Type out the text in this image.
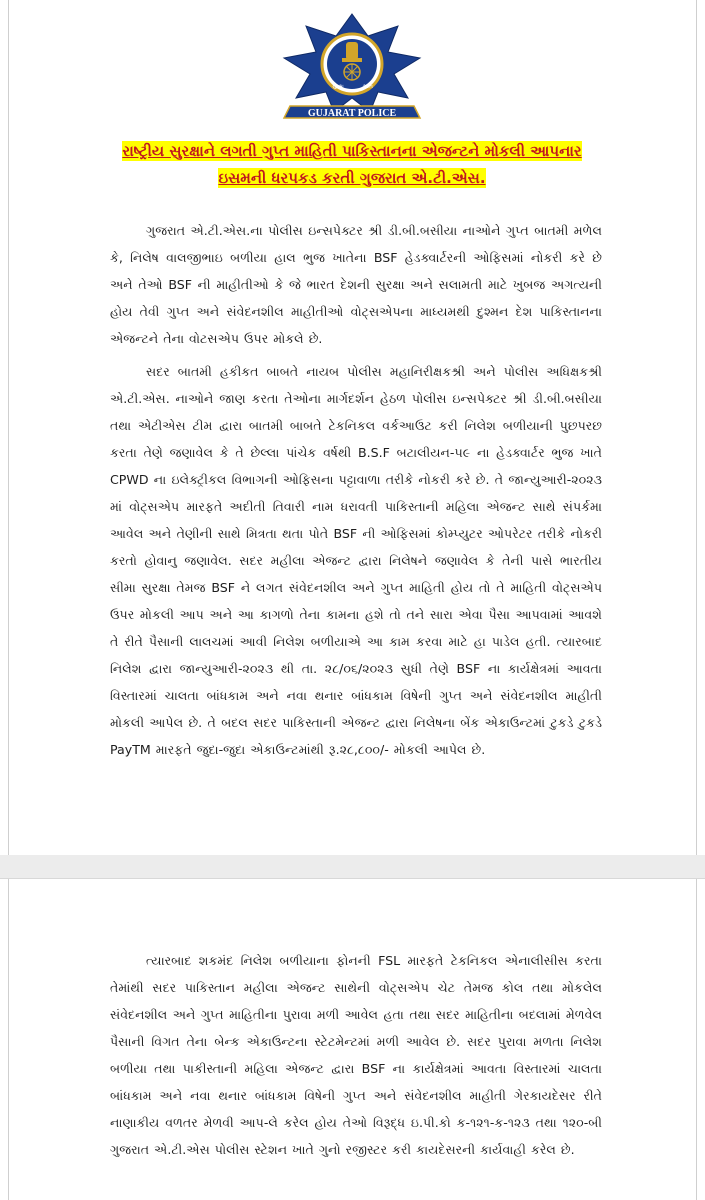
GUJARAT POLICE
સુરક્ષા	શાંતિ
રાષ્ટ્રીય સુરક્ષાને લગતી ગુપ્ત માહિતી પાકિસ્તાનના એજન્ટને મોકલી આપનાર
ઇસમની ધરપકડ કરતી ગુજરાત એ.ટી.એસ.

ગુજરાત એ.ટી.એસ.ના પોલીસ ઇન્સપેક્ટર શ્રી ડી.બી.બસીયા નાઓને ગુપ્ત બાતમી મળેલ કે, નિલેષ વાલજીભાઇ બળીયા હાલ ભુજ ખાતેના BSF હેડક્વાર્ટરની ઓફિસમાં નોકરી કરે છે અને તેઓ BSF ની માહીતીઓ કે જે ભારત દેશની સુરક્ષા અને સલામતી માટે ખુબજ અગત્યની હોય તેવી ગુપ્ત અને સંવેદનશીલ માહીતીઓ વોટ્સએપના માધ્યમથી દુશ્મન દેશ પાકિસ્તાનના એજન્ટને તેના વોટસએપ ઉપર મોકલે છે.

સદર બાતમી હકીકત બાબતે નાયબ પોલીસ મહાનિરીક્ષકશ્રી અને પોલીસ અધિક્ષકશ્રી એ.ટી.એસ. નાઓને જાણ કરતા તેઓના માર્ગદર્શન હેઠળ પોલીસ ઇન્સપેક્ટર શ્રી ડી.બી.બસીયા તથા એટીએસ ટીમ દ્વારા બાતમી બાબતે ટેકનિકલ વર્કઆઉટ કરી નિલેશ બળીયાની પુછપરછ કરતા તેણે જણાવેલ કે તે છેલ્લા પાંચેક વર્ષથી B.S.F બટાલીયન-૫૯ ના હેડક્વાર્ટર ભુજ ખાતે CPWD ના ઇલેક્ટ્રીકલ વિભાગની ઓફિસના પટ્ટાવાળા તરીકે નોકરી કરે છે. તે જાન્યુઆરી-૨૦૨૩ માં વોટ્સએપ મારફતે અદીતી તિવારી નામ ધરાવતી પાકિસ્તાની મહિલા એજન્ટ સાથે સંપર્કમા આવેલ અને તેણીની સાથે મિત્રતા થતા પોતે BSF ની ઓફિસમાં કોમ્પ્યુટર ઓપરેટર તરીકે નોકરી કરતો હોવાનુ જણાવેલ. સદર મહીલા એજન્ટ દ્વારા નિલેષને જણાવેલ કે તેની પાસે ભારતીય સીમા સુરક્ષા તેમજ BSF ને લગત સંવેદનશીલ અને ગુપ્ત માહિતી હોય તો તે માહિતી વોટ્સએપ ઉપર મોકલી આપ અને આ કાગળો તેના કામના હશે તો તને સારા એવા પૈસા આપવામાં આવશે તે રીતે પૈસાની લાલચમાં આવી નિલેશ બળીયાએ આ કામ કરવા માટે હા પાડેલ હતી. ત્યારબાદ નિલેશ દ્વારા જાન્યુઆરી-૨૦૨૩ થી તા. ૨૮/૦૬/૨૦૨૩ સુધી તેણે BSF ના કાર્યક્ષેત્રમાં આવતા વિસ્તારમાં ચાલતા બાંધકામ અને નવા થનાર બાંધકામ વિષેની ગુપ્ત અને સંવેદનશીલ માહીતી મોકલી આપેલ છે. તે બદલ સદર પાકિસ્તાની એજન્ટ દ્વારા નિલેષના બેંક એકાઉન્ટમાં ટુકડે ટુકડે PayTM મારફતે જુદા-જુદા એકાઉન્ટમાંથી રૂ.૨૮,૮૦૦/- મોકલી આપેલ છે.

ત્યારબાદ શકમંદ નિલેશ બળીયાના ફોનની FSL મારફતે ટેકનિકલ એનાલીસીસ કરતા તેમાંથી સદર પાકિસ્તાન મહીલા એજન્ટ સાથેની વોટ્સએપ ચેટ તેમજ કોલ તથા મોકલેલ સંવેદનશીલ અને ગુપ્ત માહિતીના પુરાવા મળી આવેલ હતા તથા સદર માહિતીના બદલામાં મેળવેલ પૈસાની વિગત તેના બેન્ક એકાઉન્ટના સ્ટેટમેન્ટમાં મળી આવેલ છે. સદર પુરાવા મળતા નિલેશ બળીયા તથા પાકીસ્તાની મહિલા એજન્ટ દ્વારા BSF ના કાર્યક્ષેત્રમાં આવતા વિસ્તારમાં ચાલતા બાંધકામ અને નવા થનાર બાંધકામ વિષેની ગુપ્ત અને સંવેદનશીલ માહીતી ગેરકાયદેસર રીતે નાણાકીય વળતર મેળવી આપ-લે કરેલ હોય તેઓ વિરૂદ્ધ ઇ.પી.કો ક-૧૨૧-ક-૧૨૩ તથા ૧૨૦-બી ગુજરાત એ.ટી.એસ પોલીસ સ્ટેશન ખાતે ગુનો રજીસ્ટર કરી કાયદેસરની કાર્યવાહી કરેલ છે.
